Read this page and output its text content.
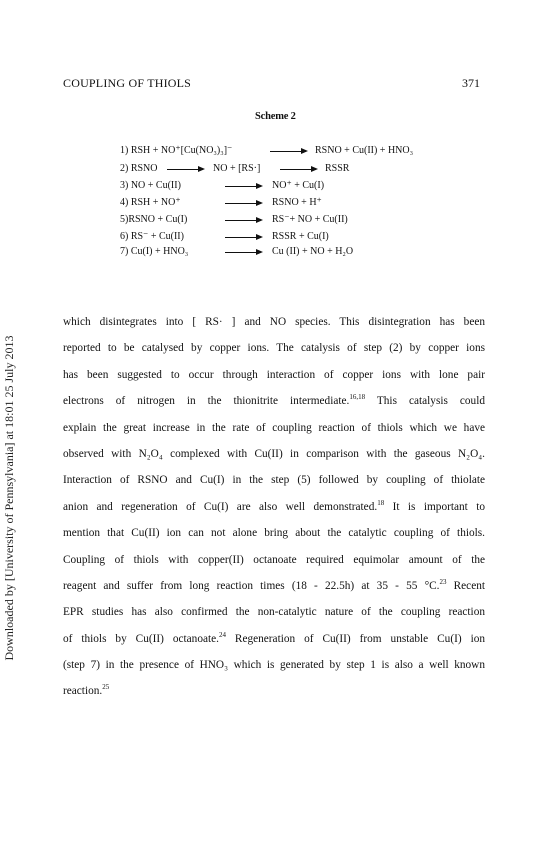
COUPLING OF THIOLS	371
Scheme 2
1) RSH + NO⁺[Cu(NO₃)₃]⁻	→ RSNO + Cu(II) + HNO₃
2) RSNO → NO + [RS·] → RSSR
3) NO + Cu(II)	→ NO⁺ + Cu(I)
4) RSH + NO⁺	→ RSNO + H⁺
5)RSNO + Cu(I)	→ RS⁻+ NO + Cu(II)
6) RS⁻ + Cu(II)	→ RSSR + Cu(I)
7) Cu(I) + HNO₃	→ Cu (II) + NO + H₂O
Downloaded by [University of Pennsylvania] at 18:01 25 July 2013
which disintegrates into [ RS· ] and NO species. This disintegration has been
reported to be catalysed by copper ions. The catalysis of step (2) by copper ions
has been suggested to occur through interaction of copper ions with lone pair
electrons of nitrogen in the thionitrite intermediate.$^{16,18}$ This catalysis could
explain the great increase in the rate of coupling reaction of thiols which we have
observed with N₂O₄ complexed with Cu(II) in comparison with the gaseous N₂O₄.
Interaction of RSNO and Cu(I) in the step (5) followed by coupling of thiolate
anion and regeneration of Cu(I) are also well demonstrated.$^{18}$ It is important to
mention that Cu(II) ion can not alone bring about the catalytic coupling of thiols.
Coupling of thiols with copper(II) octanoate required equimolar amount of the
reagent and suffer from long reaction times (18 - 22.5h) at 35 - 55 °C.$^{23}$ Recent
EPR studies has also confirmed the non-catalytic nature of the coupling reaction
of thiols by Cu(II) octanoate.$^{24}$ Regeneration of Cu(II) from unstable Cu(I) ion
(step 7) in the presence of HNO₃ which is generated by step 1 is also a well known
reaction.$^{25}$
